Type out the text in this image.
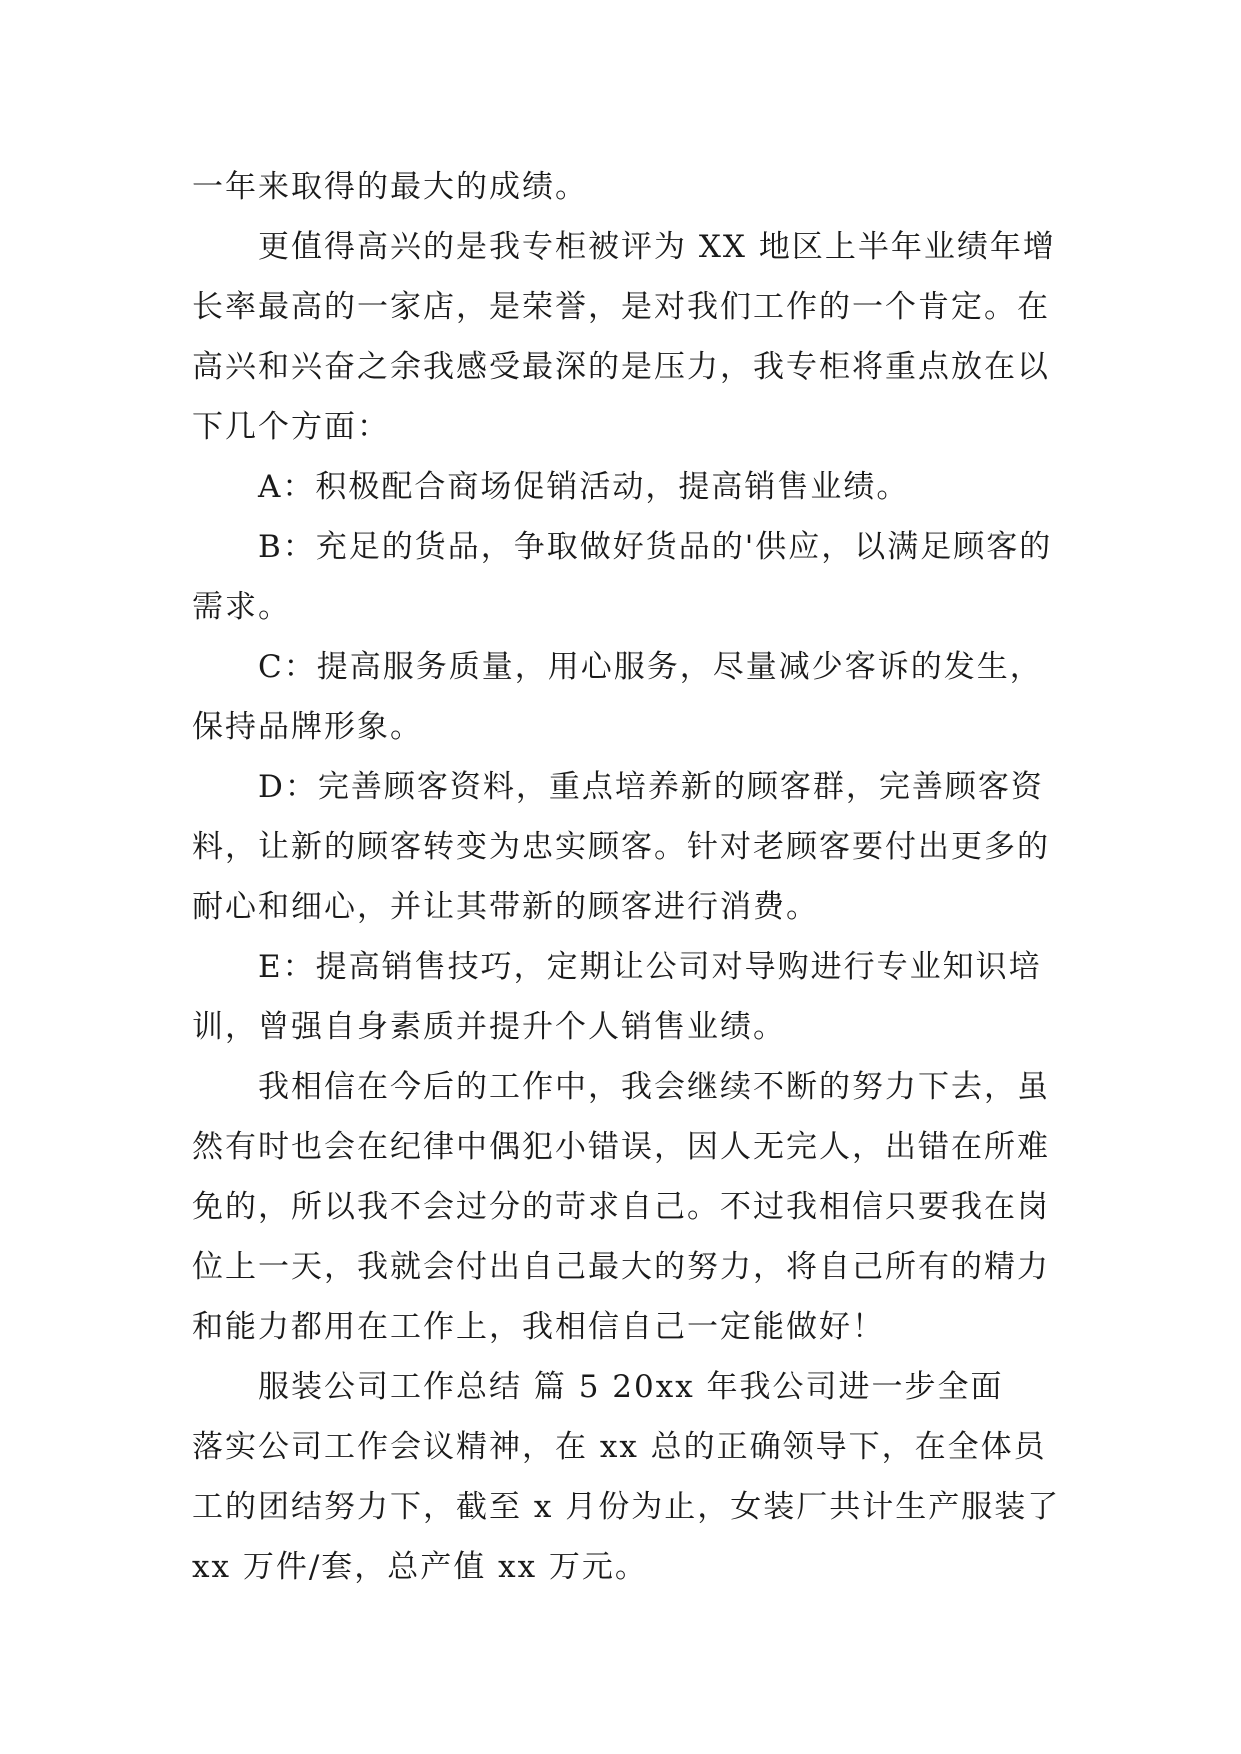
一年来取得的最大的成绩。
更值得高兴的是我专柜被评为 XX 地区上半年业绩年增
长率最高的一家店，是荣誉，是对我们工作的一个肯定。在
高兴和兴奋之余我感受最深的是压力，我专柜将重点放在以
下几个方面：
A：积极配合商场促销活动，提高销售业绩。
B：充足的货品，争取做好货品的'供应，以满足顾客的
需求。
C：提高服务质量，用心服务，尽量减少客诉的发生，
保持品牌形象。
D：完善顾客资料，重点培养新的顾客群，完善顾客资
料，让新的顾客转变为忠实顾客。针对老顾客要付出更多的
耐心和细心，并让其带新的顾客进行消费。
E：提高销售技巧，定期让公司对导购进行专业知识培
训，曾强自身素质并提升个人销售业绩。
我相信在今后的工作中，我会继续不断的努力下去，虽
然有时也会在纪律中偶犯小错误，因人无完人，出错在所难
免的，所以我不会过分的苛求自己。不过我相信只要我在岗
位上一天，我就会付出自己最大的努力，将自己所有的精力
和能力都用在工作上，我相信自己一定能做好！
服装公司工作总结 篇 5 20xx 年我公司进一步全面
落实公司工作会议精神，在 xx 总的正确领导下，在全体员
工的团结努力下，截至 x 月份为止，女装厂共计生产服装了
xx 万件/套，总产值 xx 万元。
